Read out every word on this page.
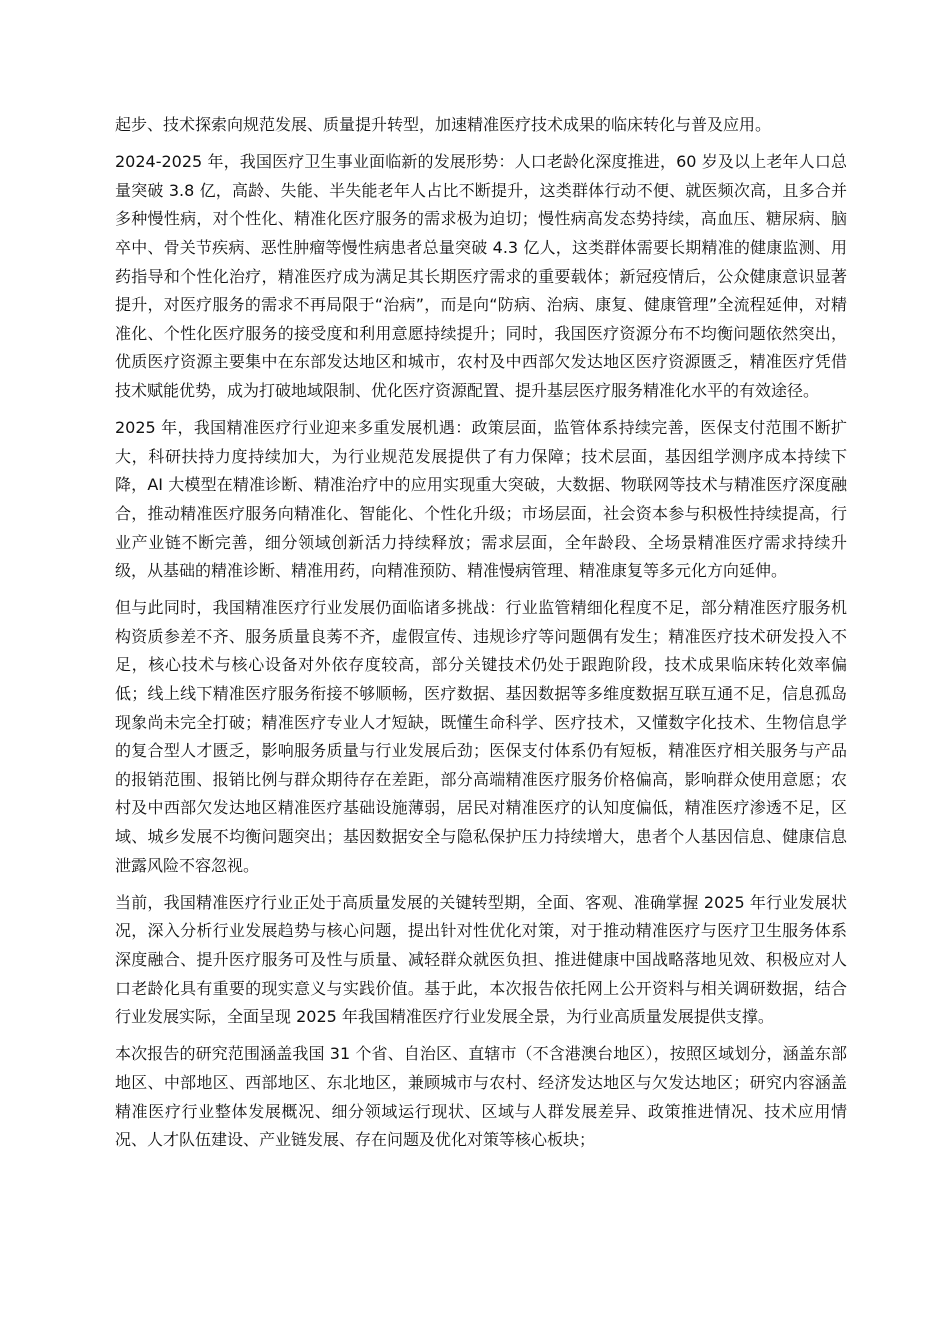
起步、技术探索向规范发展、质量提升转型，加速精准医疗技术成果的临床转化与普及应用。

2024-2025 年，我国医疗卫生事业面临新的发展形势：人口老龄化深度推进，60 岁及以上老年人口总量突破 3.8 亿，高龄、失能、半失能老年人占比不断提升，这类群体行动不便、就医频次高，且多合并多种慢性病，对个性化、精准化医疗服务的需求极为迫切；慢性病高发态势持续，高血压、糖尿病、脑卒中、骨关节疾病、恶性肿瘤等慢性病患者总量突破 4.3 亿人，这类群体需要长期精准的健康监测、用药指导和个性化治疗，精准医疗成为满足其长期医疗需求的重要载体；新冠疫情后，公众健康意识显著提升，对医疗服务的需求不再局限于“治病”，而是向“防病、治病、康复、健康管理”全流程延伸，对精准化、个性化医疗服务的接受度和利用意愿持续提升；同时，我国医疗资源分布不均衡问题依然突出，优质医疗资源主要集中在东部发达地区和城市，农村及中西部欠发达地区医疗资源匮乏，精准医疗凭借技术赋能优势，成为打破地域限制、优化医疗资源配置、提升基层医疗服务精准化水平的有效途径。

2025 年，我国精准医疗行业迎来多重发展机遇：政策层面，监管体系持续完善，医保支付范围不断扩大，科研扶持力度持续加大，为行业规范发展提供了有力保障；技术层面，基因组学测序成本持续下降，AI 大模型在精准诊断、精准治疗中的应用实现重大突破，大数据、物联网等技术与精准医疗深度融合，推动精准医疗服务向精准化、智能化、个性化升级；市场层面，社会资本参与积极性持续提高，行业产业链不断完善，细分领域创新活力持续释放；需求层面，全年龄段、全场景精准医疗需求持续升级，从基础的精准诊断、精准用药，向精准预防、精准慢病管理、精准康复等多元化方向延伸。

但与此同时，我国精准医疗行业发展仍面临诸多挑战：行业监管精细化程度不足，部分精准医疗服务机构资质参差不齐、服务质量良莠不齐，虚假宣传、违规诊疗等问题偶有发生；精准医疗技术研发投入不足，核心技术与核心设备对外依存度较高，部分关键技术仍处于跟跑阶段，技术成果临床转化效率偏低；线上线下精准医疗服务衔接不够顺畅，医疗数据、基因数据等多维度数据互联互通不足，信息孤岛现象尚未完全打破；精准医疗专业人才短缺，既懂生命科学、医疗技术，又懂数字化技术、生物信息学的复合型人才匮乏，影响服务质量与行业发展后劲；医保支付体系仍有短板，精准医疗相关服务与产品的报销范围、报销比例与群众期待存在差距，部分高端精准医疗服务价格偏高，影响群众使用意愿；农村及中西部欠发达地区精准医疗基础设施薄弱，居民对精准医疗的认知度偏低，精准医疗渗透不足，区域、城乡发展不均衡问题突出；基因数据安全与隐私保护压力持续增大，患者个人基因信息、健康信息泄露风险不容忽视。

当前，我国精准医疗行业正处于高质量发展的关键转型期，全面、客观、准确掌握 2025 年行业发展状况，深入分析行业发展趋势与核心问题，提出针对性优化对策，对于推动精准医疗与医疗卫生服务体系深度融合、提升医疗服务可及性与质量、减轻群众就医负担、推进健康中国战略落地见效、积极应对人口老龄化具有重要的现实意义与实践价值。基于此，本次报告依托网上公开资料与相关调研数据，结合行业发展实际，全面呈现 2025 年我国精准医疗行业发展全景，为行业高质量发展提供支撑。

本次报告的研究范围涵盖我国 31 个省、自治区、直辖市（不含港澳台地区），按照区域划分，涵盖东部地区、中部地区、西部地区、东北地区，兼顾城市与农村、经济发达地区与欠发达地区；研究内容涵盖精准医疗行业整体发展概况、细分领域运行现状、区域与人群发展差异、政策推进情况、技术应用情况、人才队伍建设、产业链发展、存在问题及优化对策等核心板块；
